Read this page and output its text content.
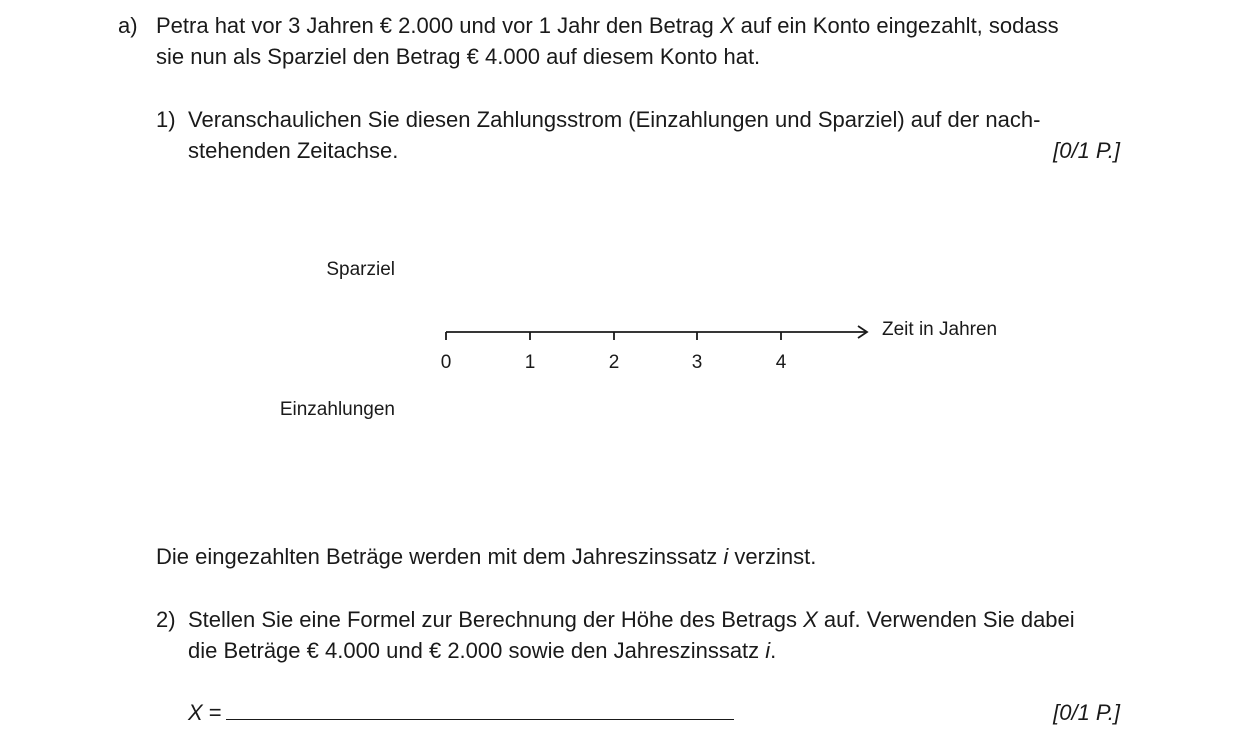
a) Petra hat vor 3 Jahren € 2.000 und vor 1 Jahr den Betrag X auf ein Konto eingezahlt, sodass
sie nun als Sparziel den Betrag € 4.000 auf diesem Konto hat.
1) Veranschaulichen Sie diesen Zahlungsstrom (Einzahlungen und Sparziel) auf der nach-
stehenden Zeitachse.	[0/1 P.]
Sparziel
Einzahlungen
Zeit in Jahren
0	1	2	3	4
Die eingezahlten Beträge werden mit dem Jahreszinssatz i verzinst.
2) Stellen Sie eine Formel zur Berechnung der Höhe des Betrags X auf. Verwenden Sie dabei
die Beträge € 4.000 und € 2.000 sowie den Jahreszinssatz i.
X =	[0/1 P.]
